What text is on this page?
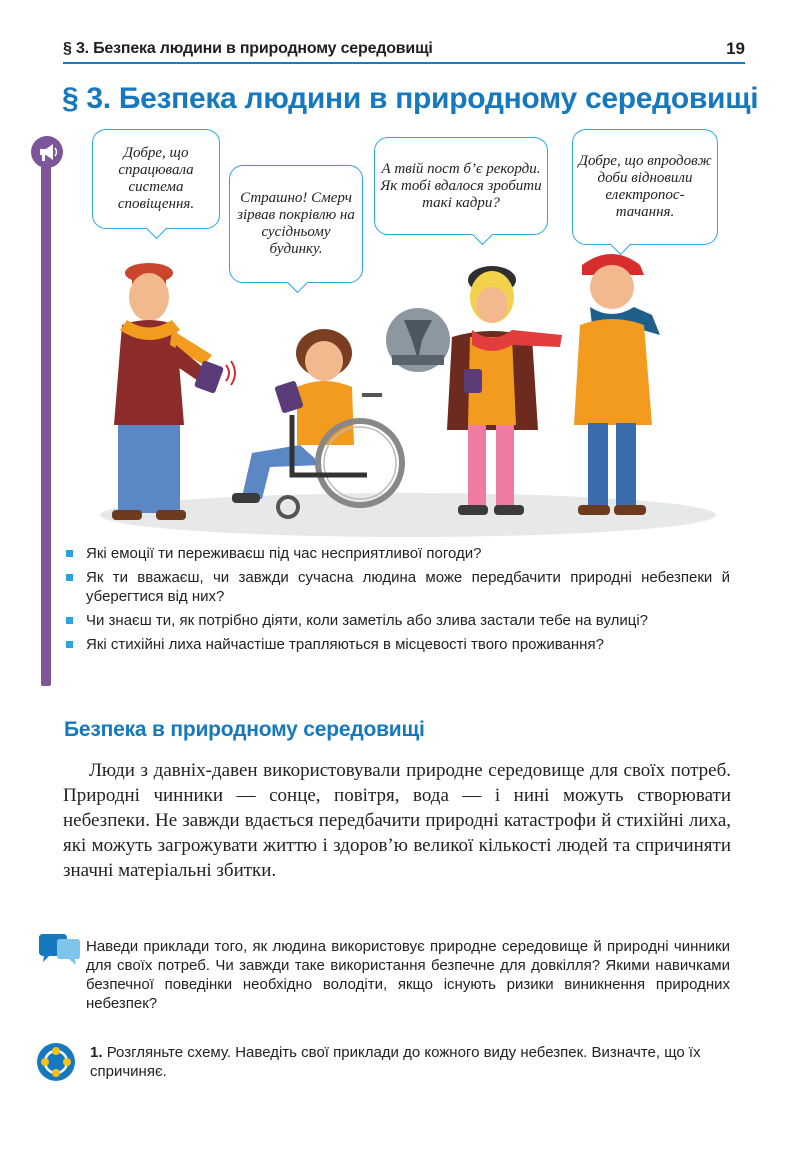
§ 3. Безпека людини в природному середовищі	19
§ 3. Безпека людини в природному середовищі
Добре, що спрацювала система сповіщення.	Страшно! Смерч зірвав покрівлю на сусідньому будинку.
А твій пост б’є рекорди. Як тобі вдалося зробити такі кадри?
Добре, що впродовж доби відновили електропос-тачання.
Які емоції ти переживаєш під час несприятливої погоди?
Як ти вважаєш, чи завжди сучасна людина може передбачити природні небезпеки й уберегтися від них?
Чи знаєш ти, як потрібно діяти, коли заметіль або злива застали тебе на вулиці?
Які стихійні лиха найчастіше трапляються в місцевості твого проживання?
Безпека в природному середовищі
Люди з давніх-давен використовували природне середовище для своїх потреб. Природні чинники — сонце, повітря, вода — і нині можуть створювати небезпеки. Не завжди вдається передбачити природні катастрофи й стихійні лиха, які можуть загрожувати життю і здоров’ю великої кількості людей та спричиняти значні матеріальні збитки.
Наведи приклади того, як людина використовує природне середовище й природні чинники для своїх потреб. Чи завжди таке використання безпечне для довкілля? Якими навичками безпечної поведінки необхідно володіти, якщо існують ризики виникнення природних небезпек?
1. Розгляньте схему. Наведіть свої приклади до кожного виду небезпек. Визначте, що їх спричиняє.
